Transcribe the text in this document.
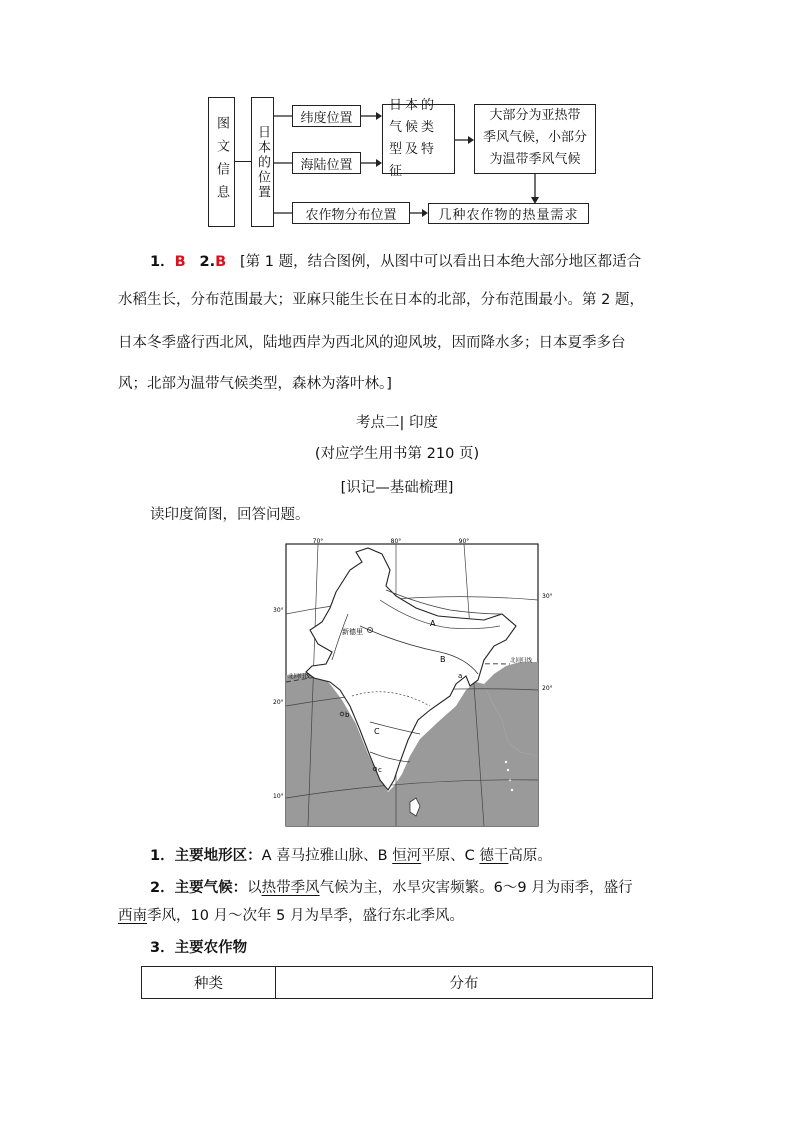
图文信息 日本的位置
纬度位置
海陆位置
农作物分布位置
日本的气候类型及特征
大部分为亚热带
季风气候，小部分
为温带季风气候
几种农作物的热量需求
1．B 2.B [第 1 题，结合图例，从图中可以看出日本绝大部分地区都适合
水稻生长，分布范围最大；亚麻只能生长在日本的北部，分布范围最小。第 2 题，
日本冬季盛行西北风，陆地西岸为西北风的迎风坡，因而降水多；日本夏季多台
风；北部为温带气候类型，森林为落叶林。]
考点二| 印度
(对应学生用书第 210 页)
[识记—基础梳理]
读印度简图，回答问题。
70°	80°	90°
30°
30°
20°
20°
10°
新德里
北回归线
北回归线
A
B
C
a
b
c
1．主要地形区：A 喜马拉雅山脉、B 恒河平原、C 德干高原。
2．主要气候：以热带季风气候为主，水旱灾害频繁。6～9 月为雨季，盛行
西南季风，10 月～次年 5 月为旱季，盛行东北季风。
3．主要农作物
种类	分布
